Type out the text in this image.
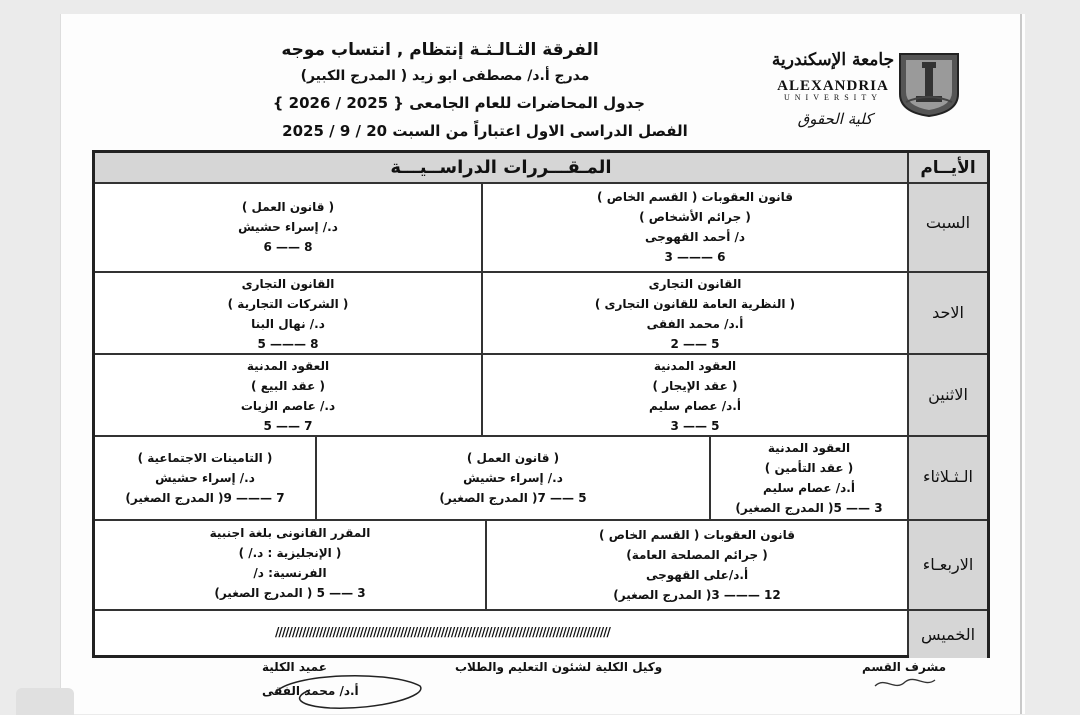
الفرقة الثـالـثـة إنتظام , انتساب موجه
مدرج أ.د/ مصطفى ابو زيد ( المدرج الكبير)
جدول المحاضرات للعام الجامعى { 2025 / 2026 }
الفصل الدراسى الاول اعتباراً من السبت 20 / 9 / 2025
جامعة الإسكندرية
ALEXANDRIA
UNIVERSITY
كلية الحقوق
المـقـــررات الدراســيـــة	الأيــام
السبت
الاحد
الاثنين
الـثـلاثاء
الاربعـاء
الخميس
قانون العقوبات ( القسم الخاص )
( جرائم الأشخاص )
د/ أحمد القهوجى
6 ——— 3
( قانون العمل )
د./ إسراء حشيش
8 —— 6
القانون التجارى
( النظرية العامة للقانون التجارى )
أ.د/ محمد الفقى
5 —— 2
القانون التجارى
( الشركات التجارية )
د./ نهال البنا
8 ——— 5
العقود المدنية
( عقد الإيجار )
أ.د/ عصام سليم
5 —— 3
العقود المدنية
( عقد البيع )
د./ عاصم الزيات
7 —— 5
العقود المدنية
( عقد التأمين )
أ.د/ عصام سليم
3 —— 5( المدرج الصغير)
( قانون العمل )
د./ إسراء حشيش
5 —— 7( المدرج الصغير)
( التامينات الاجتماعية )
د./ إسراء حشيش
7 ——— 9( المدرج الصغير)
قانون العقوبات ( القسم الخاص )
( جرائم المصلحة العامة)
أ.د/على القهوجى
12 ——— 3( المدرج الصغير)
المقرر القانونى بلغة اجنبية
( الإنجليزية : د./ )
الفرنسية: د/
3 —— 5 ( المدرج الصغير)
///////////////////////////////////////////////////////////////////////////////////////////////////
مشرف القسم
وكيل الكلية لشئون التعليم والطلاب
عميد الكلية
أ.د/ محمد الفقى
